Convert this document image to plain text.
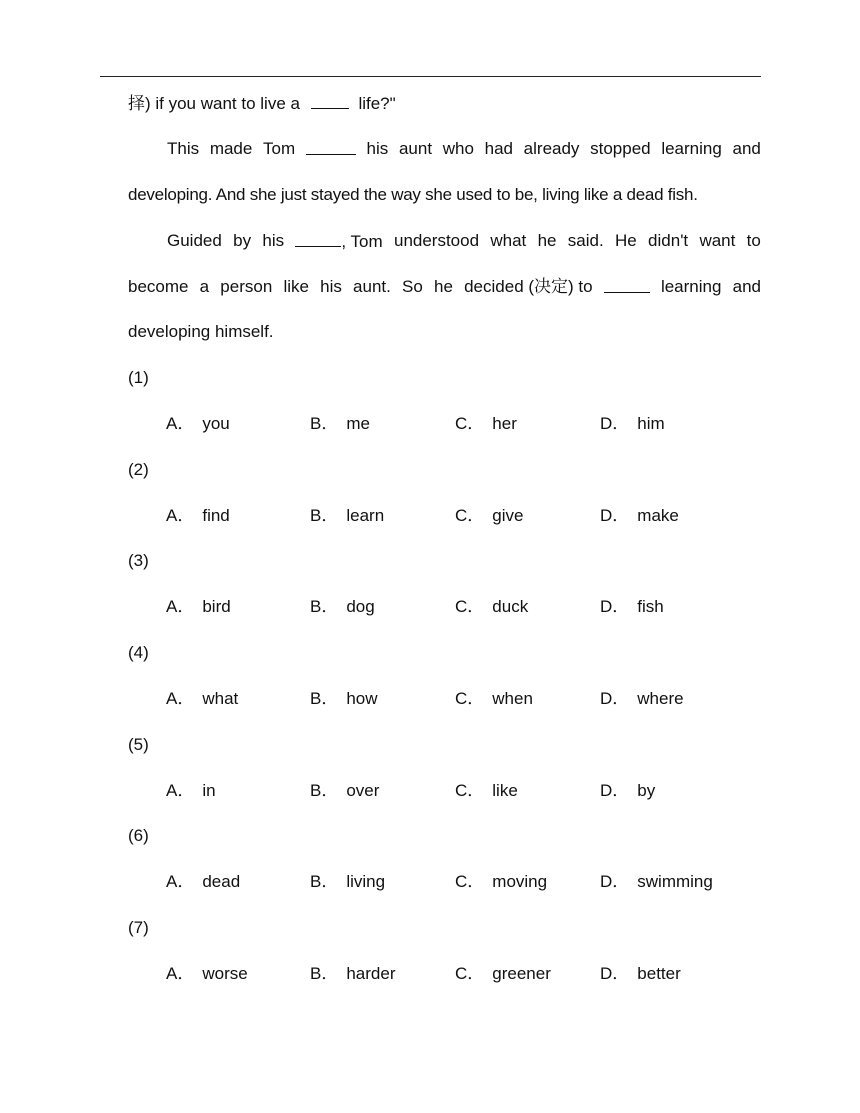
择) if you want to live a	life?"
This made Tom	his aunt who had already stopped learning and
developing. And she just stayed the way she used to be, living like a dead fish.
Guided by his	, Tom understood what he said. He didn't want to
become a person like his aunt. So he decided (决定) to	learning and
developing himself.
(1)
A． you	B． me	C． her	D． him
(2)
A． find	B． learn	C． give	D． make
(3)
A． bird	B． dog	C． duck	D． fish
(4)
A． what	B． how	C． when	D． where
(5)
A． in	B． over	C． like	D． by
(6)
A． dead	B． living	C． moving	D． swimming
(7)
A． worse	B． harder	C． greener	D． better
